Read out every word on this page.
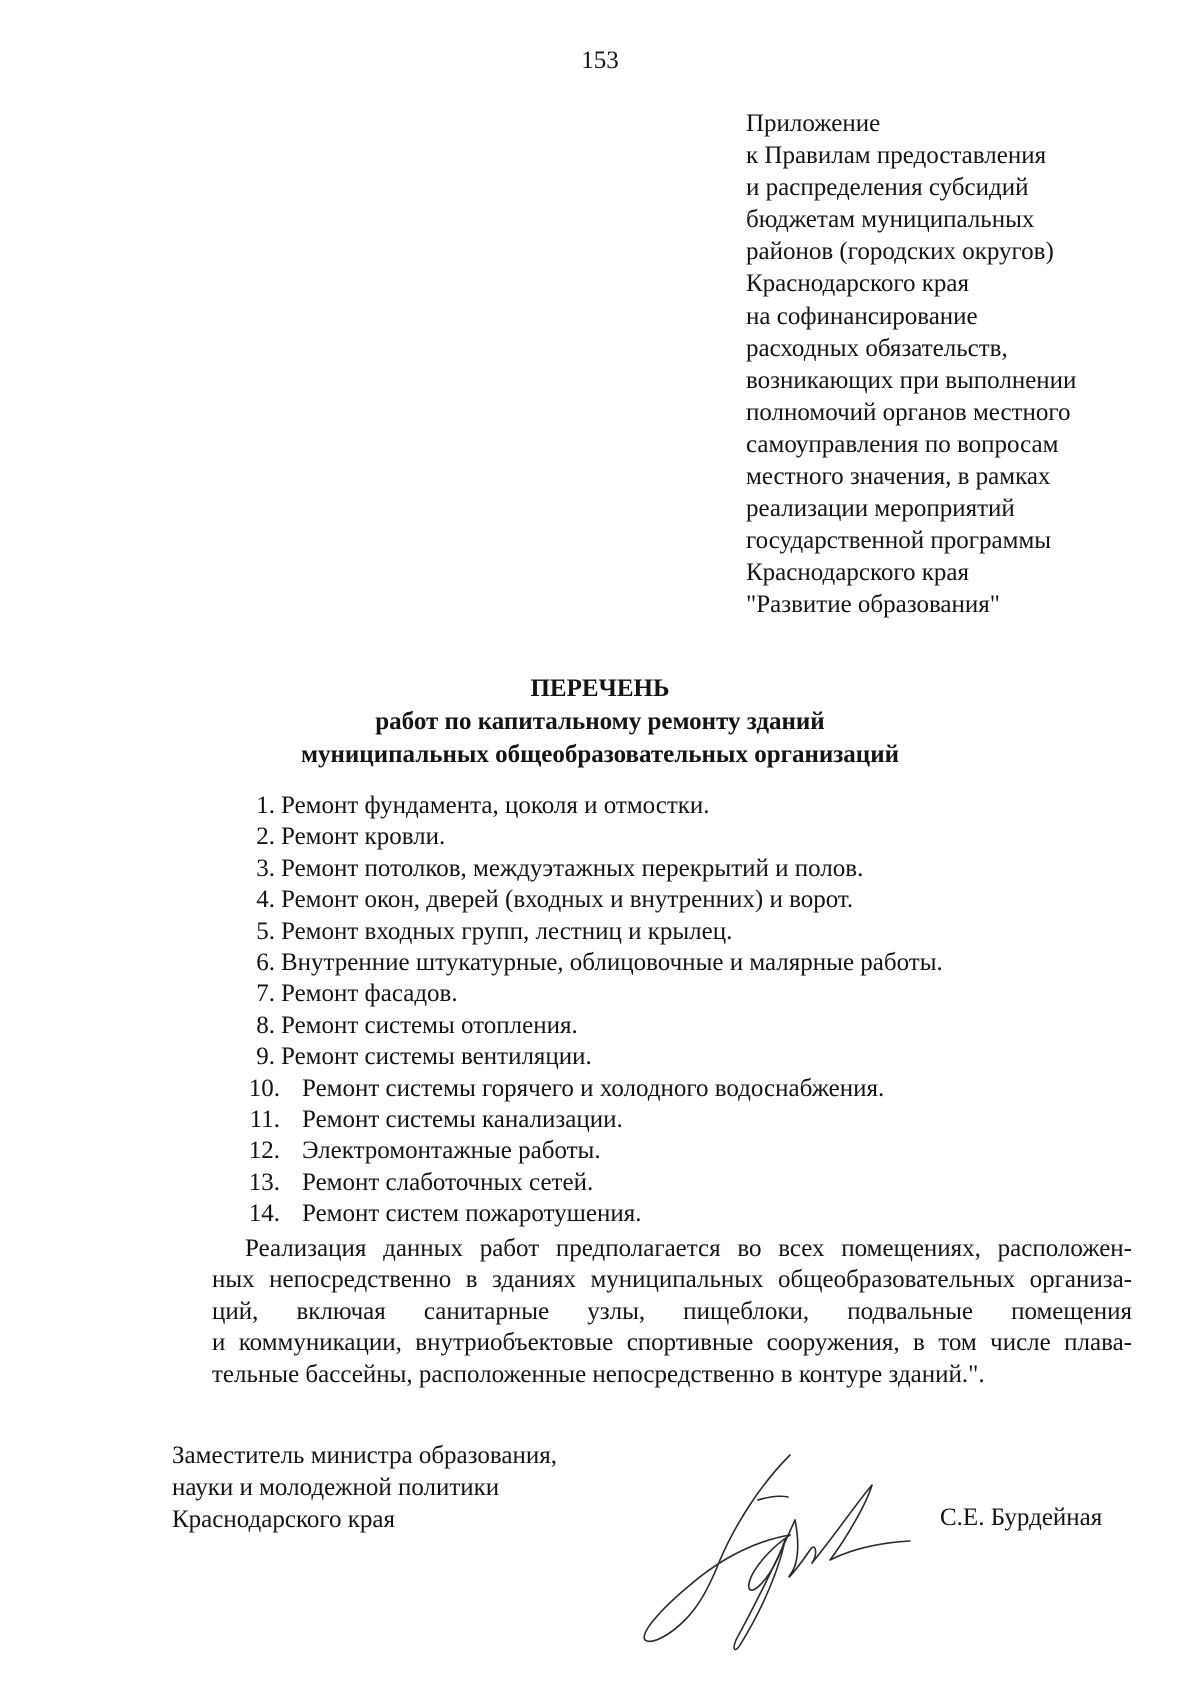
153
Приложение
к Правилам предоставления
и распределения субсидий
бюджетам муниципальных
районов (городских округов)
Краснодарского края
на софинансирование
расходных обязательств,
возникающих при выполнении
полномочий органов местного
самоуправления по вопросам
местного значения, в рамках
реализации мероприятий
государственной программы
Краснодарского края
"Развитие образования"
ПЕРЕЧЕНЬ
работ по капитальному ремонту зданий
муниципальных общеобразовательных организаций
1. Ремонт фундамента, цоколя и отмостки.
2. Ремонт кровли.
3. Ремонт потолков, междуэтажных перекрытий и полов.
4. Ремонт окон, дверей (входных и внутренних) и ворот.
5. Ремонт входных групп, лестниц и крылец.
6. Внутренние штукатурные, облицовочные и малярные работы.
7. Ремонт фасадов.
8. Ремонт системы отопления.
9. Ремонт системы вентиляции.
10. Ремонт системы горячего и холодного водоснабжения.
11. Ремонт системы канализации.
12. Электромонтажные работы.
13. Ремонт слаботочных сетей.
14. Ремонт систем пожаротушения.
Реализация данных работ предполагается во всех помещениях, расположен-
ных непосредственно в зданиях муниципальных общеобразовательных организа-
ций, включая санитарные узлы, пищеблоки, подвальные помещения
и коммуникации, внутриобъектовые спортивные сооружения, в том числе плава-
тельные бассейны, расположенные непосредственно в контуре зданий.".
Заместитель министра образования,
науки и молодежной политики
Краснодарского края	С.Е. Бурдейная
